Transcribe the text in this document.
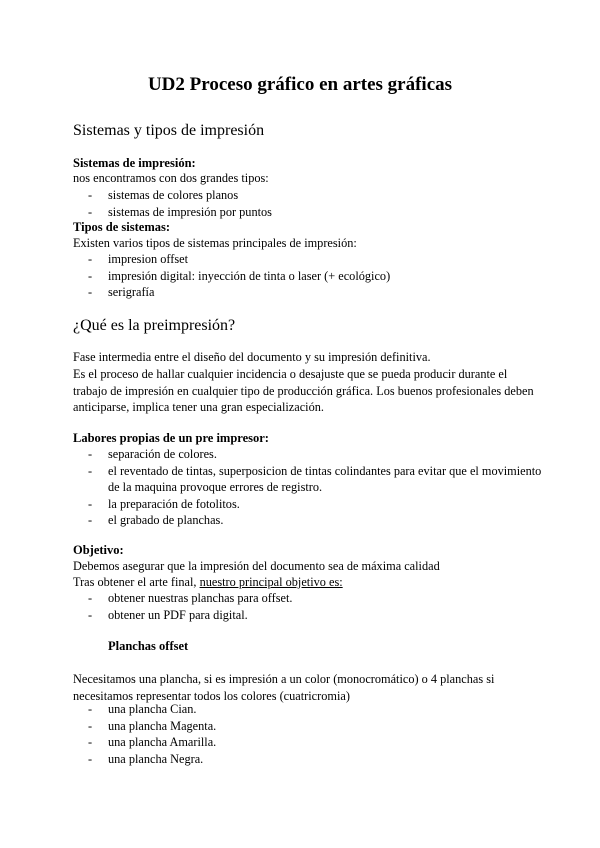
UD2 Proceso gráfico en artes gráficas
Sistemas y tipos de impresión
Sistemas de impresión:
nos encontramos con dos grandes tipos:
- sistemas de colores planos
- sistemas de impresión por puntos
Tipos de sistemas:
Existen varios tipos de sistemas principales de impresión:
- impresion offset
- impresión digital: inyección de tinta o laser (+ ecológico)
- serigrafía
¿Qué es la preimpresión?
Fase intermedia entre el diseño del documento y su impresión definitiva.
Es el proceso de hallar cualquier incidencia o desajuste que se pueda producir durante el trabajo de impresión en cualquier tipo de producción gráfica. Los buenos profesionales deben anticiparse, implica tener una gran especialización.
Labores propias de un pre impresor:
- separación de colores.
- el reventado de tintas, superposicion de tintas colindantes para evitar que el movimiento de la maquina provoque errores de registro.
- la preparación de fotolitos.
- el grabado de planchas.
Objetivo:
Debemos asegurar que la impresión del documento sea de máxima calidad
Tras obtener el arte final, nuestro principal objetivo es:
- obtener nuestras planchas para offset.
- obtener un PDF para digital.
Planchas offset
Necesitamos una plancha, si es impresión a un color (monocromático) o 4 planchas si necesitamos representar todos los colores (cuatricromia)
- una plancha Cian.
- una plancha Magenta.
- una plancha Amarilla.
- una plancha Negra.
